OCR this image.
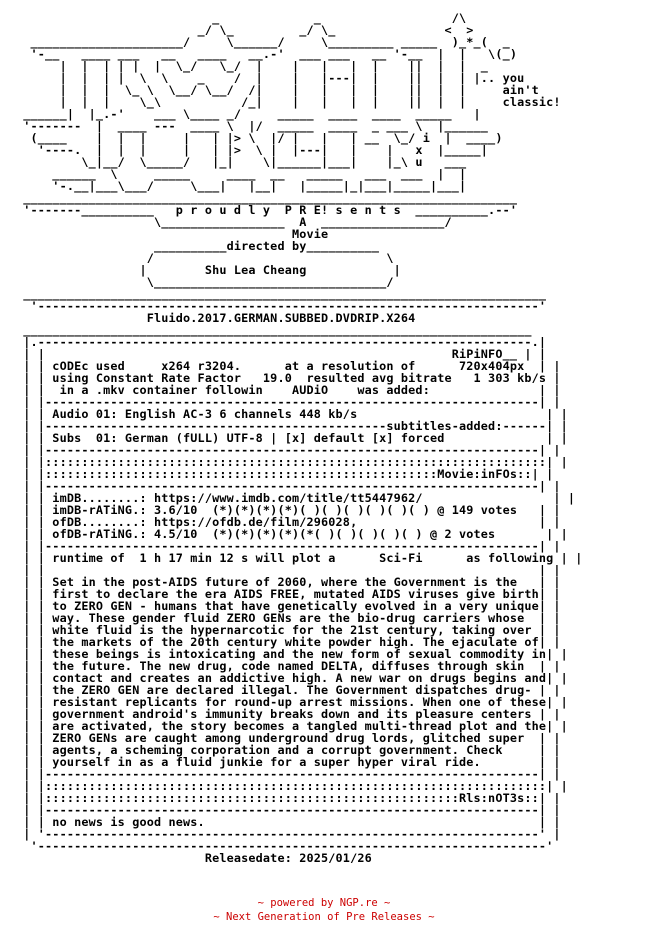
_             _                  /\
_/ \_         _/ \_               <  >
_____________________/     \______/     \_________ _____  )_*_(  _
'-__   ____ ___   __   ____   __.-'  ___ ___   __ '-__  |  |   \(_)
|  |  | | |  |  \_/   \_/  |    |   |   |  |    ||  |  |  _
|  |  | |  \  \    _    /  |    |   |---|  |    ||  |  | |.. you
|  |  |  \_ \  \__/ \__/  /|    |   |   |  |    ||  |  |     ain't
|  |  |    \_\           /_|    |   |   |  |    ||  |  |     classic!
______|  |_.-'    ___ \____ _/     _____  ____  ____  _____   |
'-------  |  ____ ---  ____ \  |/  _____  ____  _ ___ \  |______
(____    |  |  |     |   | |> \  |/ |   |   | __  \_/ i  |  ____)
'----.  |  |  |     |   | |>  \ |  |---|   |    |   x  |_____|
\_|__/  \_____/   |_|    \|______|___|    |_\ u   ___
______  \     _____     ____  __   _____   ___  ___  |  |
'-.__|___\___/     \___|   |__|   |_____|_|___|_____|___|
____________________________________________________________________
'-------__________   p r o u d l y  P R E! s e n t s  __________.--'
\_________________  A  _________________/
Movie
__________directed by__________
/                                \
|        Shu Lea Cheang            |
\________________________________/
________________________________________________________________________
'---------------------------------------------------------------------'
Fluido.2017.GERMAN.SUBBED.DVDRIP.X264
______________________________________________________________________
|.--------------------------------------------------------------------.|
| |                                                        RiPiNFO__ | |
| | cODEc used     x264 r3204.      at a resolution of      720x404px  | |
| | using Constant Rate Factor   19.0  resulted avg bitrate   1 303 kb/s |
| |  in a .mkv container followin    AUDiO    was added:               | |
| |--------------------------------------------------------------------| |
| | Audio 01: English AC-3 6 channels 448 kb/s                          | |
| |-----------------------------------------------subtitles-added:------| |
| | Subs  01: German (fULL) UTF-8 | [x] default [x] forced              | |
| |--------------------------------------------------------------------| |
| |:::::::::::::::::::::::::::::::::::::::::::::::::::::::::::::::::::::| |
| |::::::::::::::::::::::::::::::::::::::::::::::::::::::Movie:inFOs::| |
| |--------------------------------------------------------------------| |
| | imDB........: https://www.imdb.com/title/tt5447962/                  | |
| | imDB-rATiNG.: 3.6/10  (*)(*)(*)(*)( )( )( )( )( )( ) @ 149 votes   | |
| | ofDB........: https://ofdb.de/film/296028,                         | |
| | ofDB-rATiNG.: 4.5/10  (*)(*)(*)(*)(*( )( )( )( )( ) @ 2 votes       | |
| |--------------------------------------------------------------------| |
| | runtime of  1 h 17 min 12 s will plot a      Sci-Fi      as following | |
| |                                                                    | |
| | Set in the post-AIDS future of 2060, where the Government is the   | |
| | first to declare the era AIDS FREE, mutated AIDS viruses give birth| |
| | to ZERO GEN - humans that have genetically evolved in a very unique| |
| | way. These gender fluid ZERO GENs are the bio-drug carriers whose  | |
| | white fluid is the hypernarcotic for the 21st century, taking over | |
| | the markets of the 20th century white powder high. The ejaculate of| |
| | these beings is intoxicating and the new form of sexual commodity in| |
| | the future. The new drug, code named DELTA, diffuses through skin  | |
| | contact and creates an addictive high. A new war on drugs begins and| |
| | the ZERO GEN are declared illegal. The Government dispatches drug- | |
| | resistant replicants for round-up arrest missions. When one of these| |
| | government android's immunity breaks down and its pleasure centers | |
| | are activated, the story becomes a tangled multi-thread plot and the| |
| | ZERO GENs are caught among underground drug lords, glitched super  | |
| | agents, a scheming corporation and a corrupt government. Check     | |
| | yourself in as a fluid junkie for a super hyper viral ride.        | |
| |--------------------------------------------------------------------| |
| |:::::::::::::::::::::::::::::::::::::::::::::::::::::::::::::::::::::| |
| |:::::::::::::::::::::::::::::::::::::::::::::::::::::::::Rls:nOT3s::| |
| |--------------------------------------------------------------------| |
| | no news is good news.                                              | |
| '--------------------------------------------------------------------' |
'----------------------------------------------------------------------'
Releasedate: 2025/01/26
~ powered by NGP.re ~
~ Next Generation of Pre Releases ~
